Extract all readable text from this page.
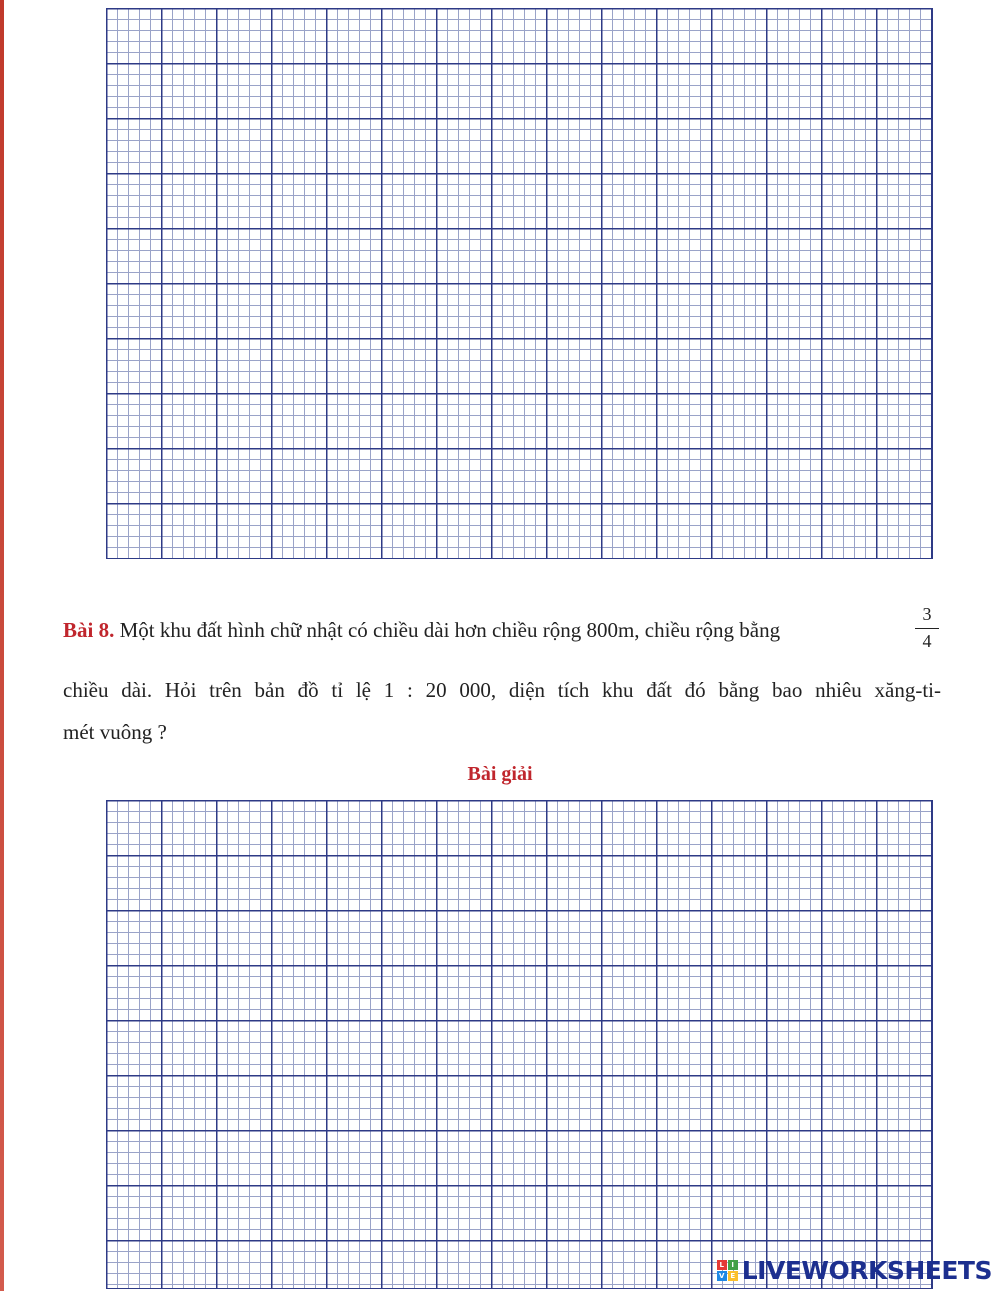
Bài 8. Một khu đất hình chữ nhật có chiều dài hơn chiều rộng 800m, chiều rộng bằng
3
4
chiều dài. Hỏi trên bản đồ tỉ lệ 1 : 20 000, diện tích khu đất đó bằng bao nhiêu xăng-ti-
mét vuông ?
Bài giải
L	I
V E LIVEWORKSHEETS
